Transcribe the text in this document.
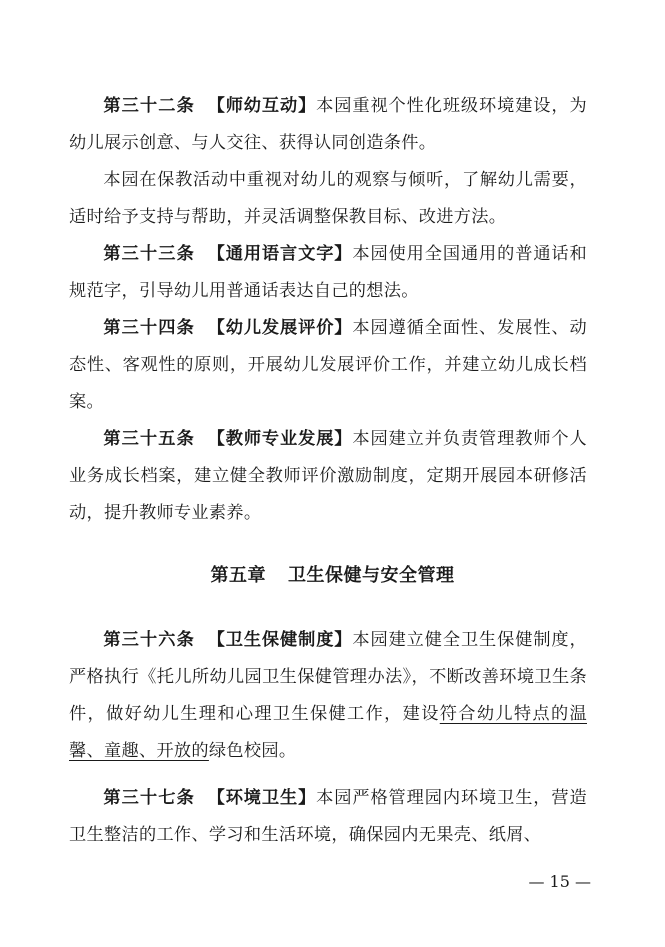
第三十二条 【师幼互动】本园重视个性化班级环境建设，为幼儿展示创意、与人交往、获得认同创造条件。

本园在保教活动中重视对幼儿的观察与倾听，了解幼儿需要，适时给予支持与帮助，并灵活调整保教目标、改进方法。

第三十三条 【通用语言文字】本园使用全国通用的普通话和规范字，引导幼儿用普通话表达自己的想法。

第三十四条 【幼儿发展评价】本园遵循全面性、发展性、动态性、客观性的原则，开展幼儿发展评价工作，并建立幼儿成长档案。

第三十五条 【教师专业发展】本园建立并负责管理教师个人业务成长档案，建立健全教师评价激励制度，定期开展园本研修活动，提升教师专业素养。

第五章 卫生保健与安全管理

第三十六条 【卫生保健制度】本园建立健全卫生保健制度，严格执行《托儿所幼儿园卫生保健管理办法》，不断改善环境卫生条件，做好幼儿生理和心理卫生保健工作，建设符合幼儿特点的温馨、童趣、开放的绿色校园。

第三十七条 【环境卫生】本园严格管理园内环境卫生，营造卫生整洁的工作、学习和生活环境，确保园内无果壳、纸屑、

— 15 —
